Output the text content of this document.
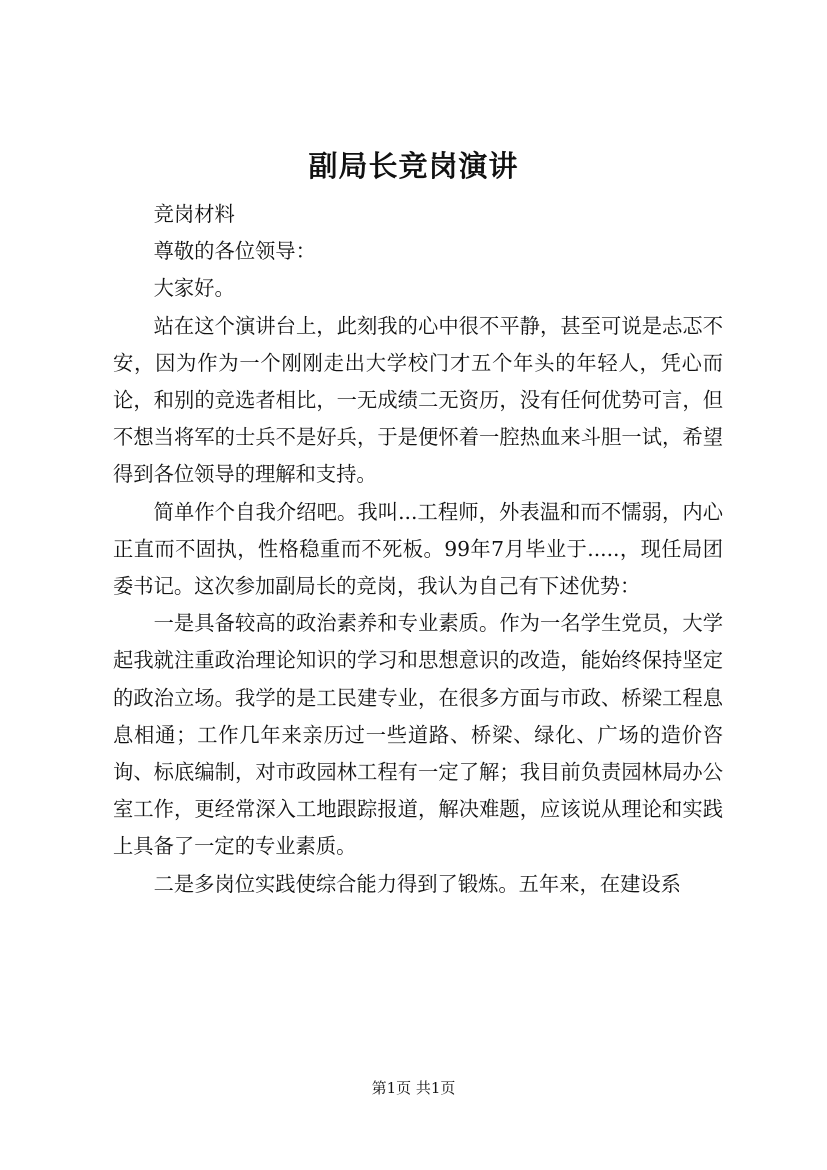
副局长竞岗演讲

竞岗材料

尊敬的各位领导：

大家好。

站在这个演讲台上，此刻我的心中很不平静，甚至可说是忐忑不安，因为作为一个刚刚走出大学校门才五个年头的年轻人，凭心而论，和别的竞选者相比，一无成绩二无资历，没有任何优势可言，但不想当将军的士兵不是好兵，于是便怀着一腔热血来斗胆一试，希望得到各位领导的理解和支持。

简单作个自我介绍吧。我叫...工程师，外表温和而不懦弱，内心正直而不固执，性格稳重而不死板。99年7月毕业于.....，现任局团委书记。这次参加副局长的竞岗，我认为自己有下述优势：

一是具备较高的政治素养和专业素质。作为一名学生党员，大学起我就注重政治理论知识的学习和思想意识的改造，能始终保持坚定的政治立场。我学的是工民建专业，在很多方面与市政、桥梁工程息息相通；工作几年来亲历过一些道路、桥梁、绿化、广场的造价咨询、标底编制，对市政园林工程有一定了解；我目前负责园林局办公室工作，更经常深入工地跟踪报道，解决难题，应该说从理论和实践上具备了一定的专业素质。

二是多岗位实践使综合能力得到了锻炼。五年来，在建设系

第1页 共1页
